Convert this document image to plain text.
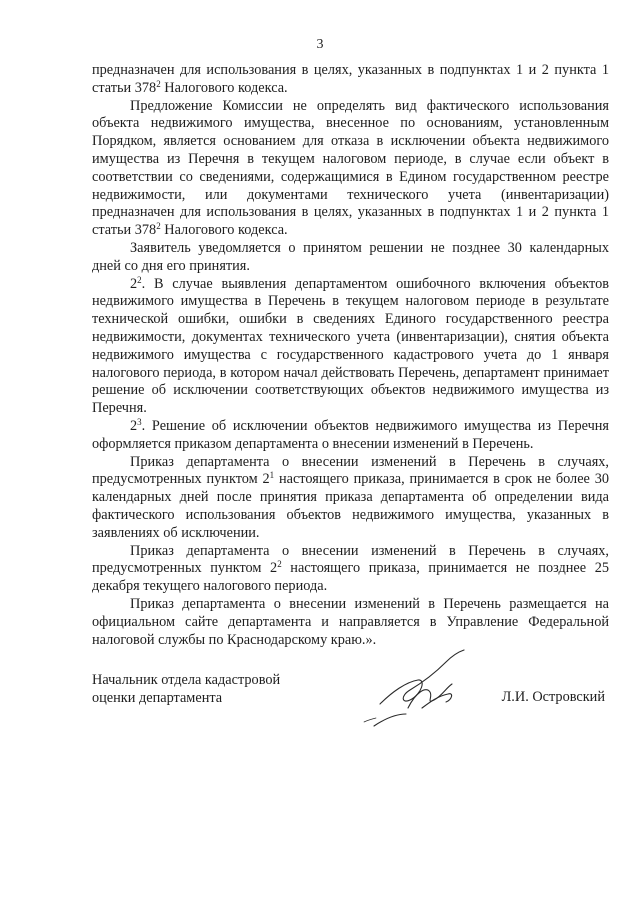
3

предназначен для использования в целях, указанных в подпунктах 1 и 2 пункта 1 статьи $378^2$ Налогового кодекса.

Предложение Комиссии не определять вид фактического использования объекта недвижимого имущества, внесенное по основаниям, установленным Порядком, является основанием для отказа в исключении объекта недвижимого имущества из Перечня в текущем налоговом периоде, в случае если объект в соответствии со сведениями, содержащимися в Едином государственном реестре недвижимости, или документами технического учета (инвентаризации) предназначен для использования в целях, указанных в подпунктах 1 и 2 пункта 1 статьи $378^2$ Налогового кодекса.

Заявитель уведомляется о принятом решении не позднее 30 календарных дней со дня его принятия.

$2^2$. В случае выявления департаментом ошибочного включения объектов недвижимого имущества в Перечень в текущем налоговом периоде в результате технической ошибки, ошибки в сведениях Единого государственного реестра недвижимости, документах технического учета (инвентаризации), снятия объекта недвижимого имущества с государственного кадастрового учета до 1 января налогового периода, в котором начал действовать Перечень, департамент принимает решение об исключении соответствующих объектов недвижимого имущества из Перечня.

$2^3$. Решение об исключении объектов недвижимого имущества из Перечня оформляется приказом департамента о внесении изменений в Перечень.

Приказ департамента о внесении изменений в Перечень в случаях, предусмотренных пунктом $2^1$ настоящего приказа, принимается в срок не более 30 календарных дней после принятия приказа департамента об определении вида фактического использования объектов недвижимого имущества, указанных в заявлениях об исключении.

Приказ департамента о внесении изменений в Перечень в случаях, предусмотренных пунктом $2^2$ настоящего приказа, принимается не позднее 25 декабря текущего налогового периода.

Приказ департамента о внесении изменений в Перечень размещается на официальном сайте департамента и направляется в Управление Федеральной налоговой службы по Краснодарскому краю.».

Начальник отдела кадастровой
оценки департамента	Л.И. Островский
